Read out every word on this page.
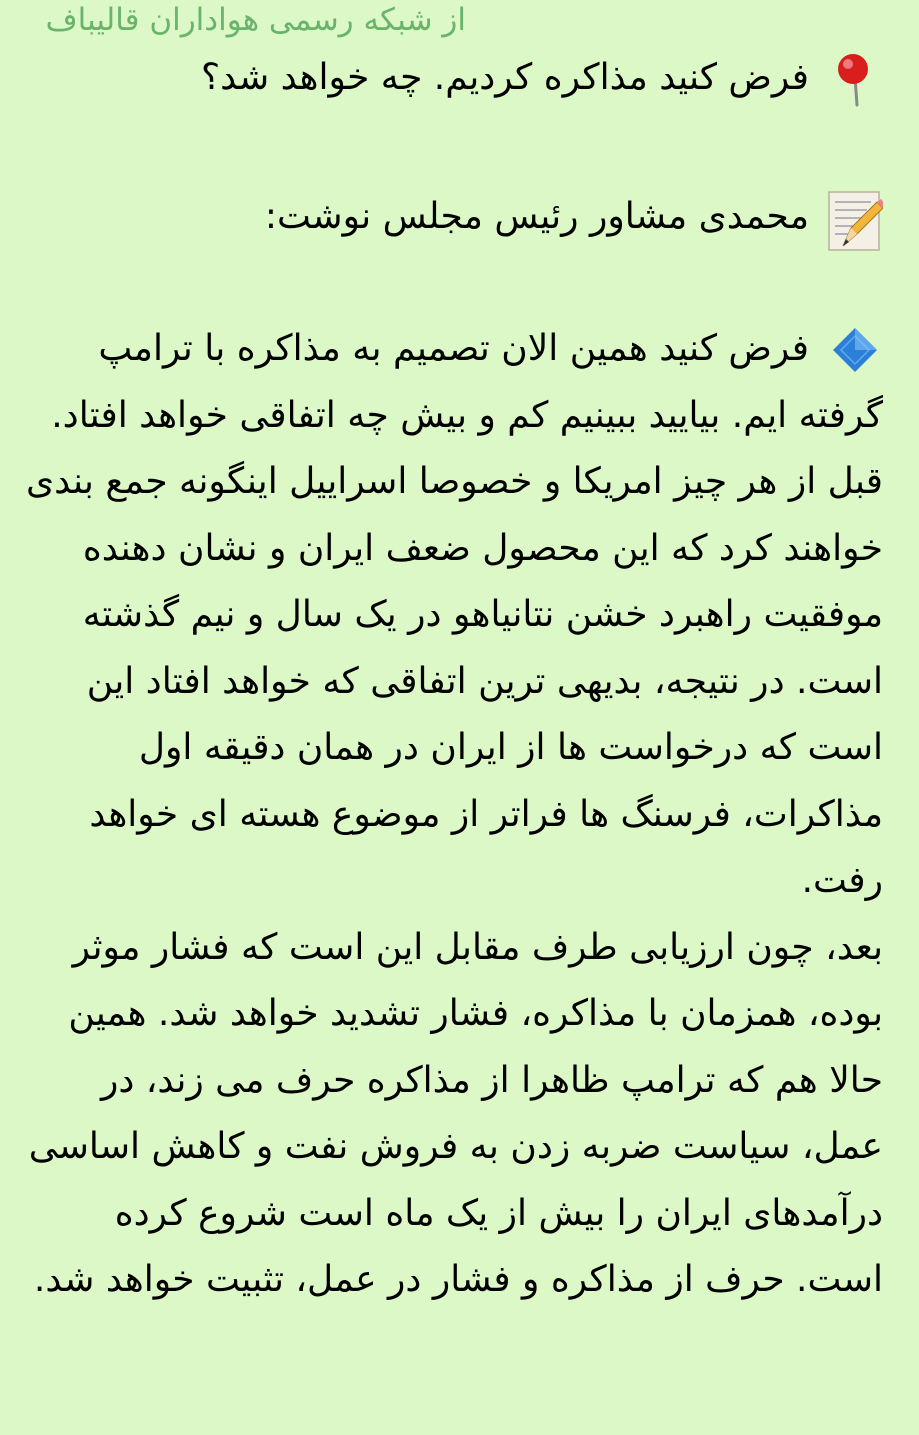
از شبکه رسمی هواداران قالیباف
فرض کنید مذاکره کردیم. چه خواهد شد؟
محمدی مشاور رئیس مجلس نوشت:
فرض کنید همین الان تصمیم به مذاکره با ترامپ گرفته ایم. بیایید ببینیم کم و بیش چه اتفاقی خواهد افتاد.
قبل از هر چیز امریکا و خصوصا اسراییل اینگونه جمع بندی خواهند کرد که این محصول ضعف ایران و نشان دهنده موفقیت راهبرد خشن نتانیاهو در یک سال و نیم گذشته است. در نتیجه، بدیهی ترین اتفاقی که خواهد افتاد این است که درخواست ها از ایران در همان دقیقه اول مذاکرات، فرسنگ ها فراتر از موضوع هسته ای خواهد رفت.
بعد، چون ارزیابی طرف مقابل این است که فشار موثر بوده، همزمان با مذاکره، فشار تشدید خواهد شد. همین حالا هم که ترامپ ظاهرا از مذاکره حرف می زند، در عمل، سیاست ضربه زدن به فروش نفت و کاهش اساسی درآمدهای ایران را بیش از یک ماه است شروع کرده است. حرف از مذاکره و فشار در عمل، تثبیت خواهد شد.
